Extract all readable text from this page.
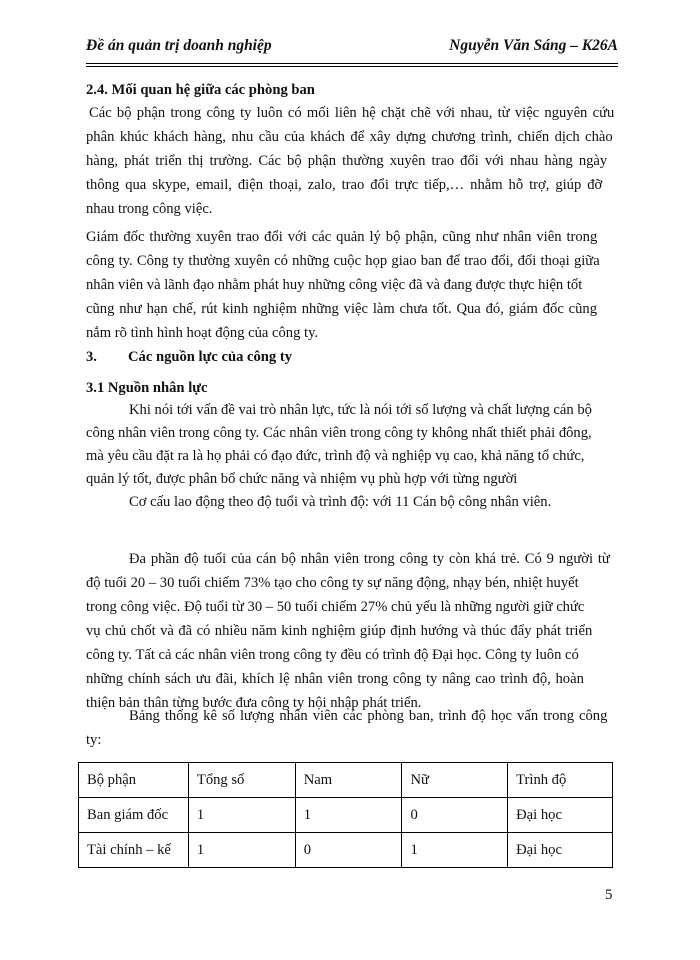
Đề án quản trị doanh nghiệp	Nguyễn Văn Sáng – K26A
2.4. Mối quan hệ giữa các phòng ban
Các bộ phận trong công ty luôn có mối liên hệ chặt chẽ với nhau, từ việc nguyên cứu
phân khúc khách hàng, nhu cầu của khách để xây dựng chương trình, chiến dịch chào
hàng, phát triển thị trường. Các bộ phận thường xuyên trao đổi với nhau hàng ngày
thông qua skype, email, điện thoại, zalo, trao đổi trực tiếp,… nhằm hỗ trợ, giúp đỡ
nhau trong công việc.
Giám đốc thường xuyên trao đổi với các quản lý bộ phận, cũng như nhân viên trong
công ty. Công ty thường xuyên có những cuộc họp giao ban để trao đổi, đối thoại giữa
nhân viên và lãnh đạo nhằm phát huy những công việc đã và đang được thực hiện tốt
cũng như hạn chế, rút kinh nghiệm những việc làm chưa tốt. Qua đó, giám đốc cũng
nắm rõ tình hình hoạt động của công ty.
3. Các nguồn lực của công ty
3.1 Nguồn nhân lực
Khi nói tới vấn đề vai trò nhân lực, tức là nói tới số lượng và chất lượng cán bộ
công nhân viên trong công ty. Các nhân viên trong công ty không nhất thiết phải đông,
mà yêu cầu đặt ra là họ phải có đạo đức, trình độ và nghiệp vụ cao, khả năng tổ chức,
quản lý tốt, được phân bổ chức năng và nhiệm vụ phù hợp với từng người
Cơ cấu lao động theo độ tuổi và trình độ: với 11 Cán bộ công nhân viên.
Đa phần độ tuổi của cán bộ nhân viên trong công ty còn khá trẻ. Có 9 người từ
độ tuổi 20 – 30 tuổi chiếm 73% tạo cho công ty sự năng động, nhạy bén, nhiệt huyết
trong công việc. Độ tuổi từ 30 – 50 tuổi chiếm 27% chủ yếu là những người giữ chức
vụ chủ chốt và đã có nhiều năm kinh nghiệm giúp định hướng và thúc đẩy phát triển
công ty. Tất cả các nhân viên trong công ty đều có trình độ Đại học. Công ty luôn có
những chính sách ưu đãi, khích lệ nhân viên trong công ty nâng cao trình độ, hoàn
thiện bản thân từng bước đưa công ty hội nhập phát triển.
Bảng thống kê số lượng nhân viên các phòng ban, trình độ học vấn trong công
ty:
Bộ phận	Tổng số	Nam	Nữ	Trình độ
Ban giám đốc	1	1	0	Đại học
Tài chính – kế	1	0	1	Đại học
5
